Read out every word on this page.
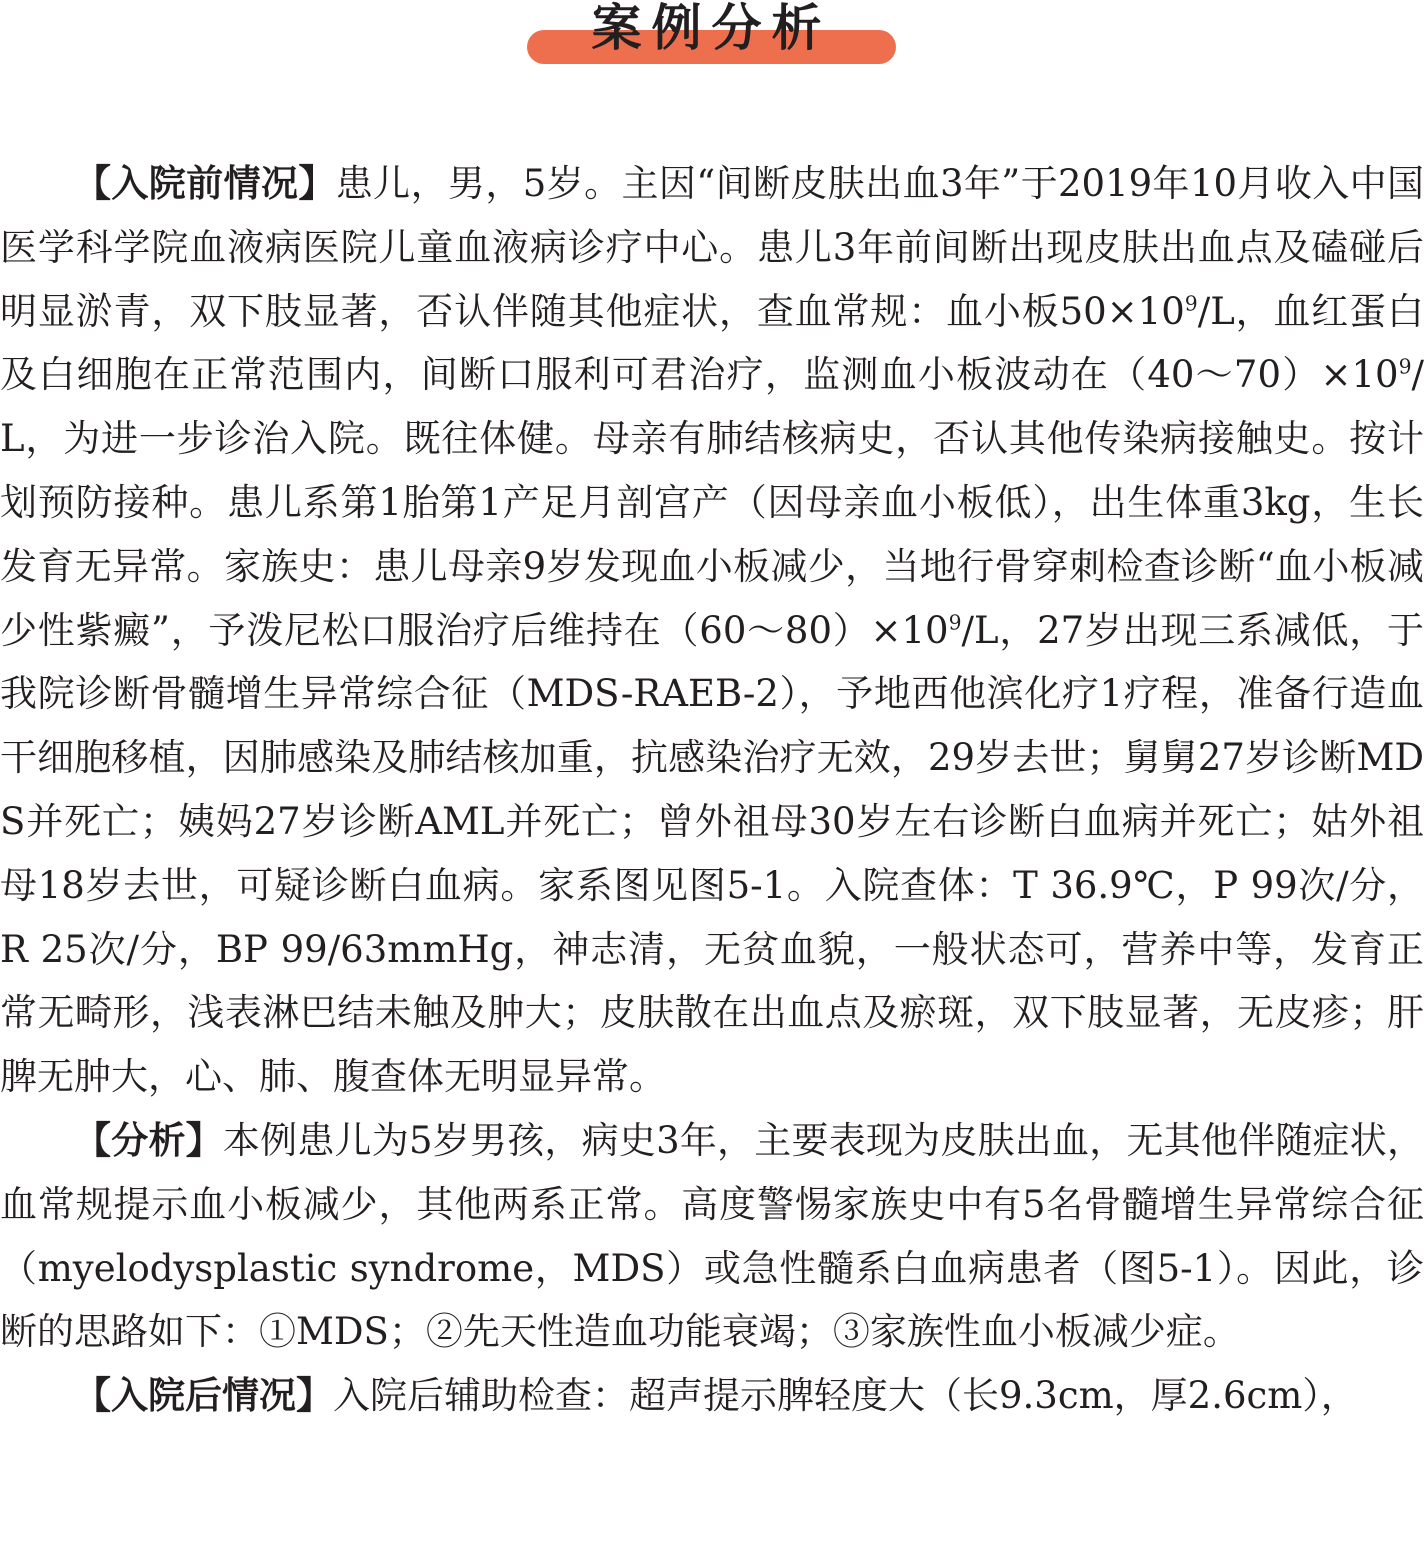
案例分析

【入院前情况】患儿，男，5岁。主因“间断皮肤出血3年”于2019年10月收入中国医学科学院血液病医院儿童血液病诊疗中心。患儿3年前间断出现皮肤出血点及磕碰后明显淤青，双下肢显著，否认伴随其他症状，查血常规：血小板$50\times 10^9/L$，血红蛋白及白细胞在正常范围内，间断口服利可君治疗，监测血小板波动在$(40\sim 70)\times 10^9/L$，为进一步诊治入院。既往体健。母亲有肺结核病史，否认其他传染病接触史。按计划预防接种。患儿系第1胎第1产足月剖宫产（因母亲血小板低），出生体重3kg，生长发育无异常。家族史：患儿母亲9岁发现血小板减少，当地行骨穿刺检查诊断“血小板减少性紫癜”，予泼尼松口服治疗后维持在$(60\sim 80)\times 10^9/L$，27岁出现三系减低，于我院诊断骨髓增生异常综合征（MDS-RAEB-2），予地西他滨化疗1疗程，准备行造血干细胞移植，因肺感染及肺结核加重，抗感染治疗无效，29岁去世；舅舅27岁诊断MDS并死亡；姨妈27岁诊断AML并死亡；曾外祖母30岁左右诊断白血病并死亡；姑外祖母18岁去世，可疑诊断白血病。家系图见图5-1。入院查体：T 36.9℃，P 99次/分，R 25次/分，BP 99/63mmHg，神志清，无贫血貌，一般状态可，营养中等，发育正常无畸形，浅表淋巴结未触及肿大；皮肤散在出血点及瘀斑，双下肢显著，无皮疹；肝脾无肿大，心、肺、腹查体无明显异常。

【分析】本例患儿为5岁男孩，病史3年，主要表现为皮肤出血，无其他伴随症状，血常规提示血小板减少，其他两系正常。高度警惕家族史中有5名骨髓增生异常综合征（myelodysplastic syndrome，MDS）或急性髓系白血病患者（图5-1）。因此，诊断的思路如下：①MDS；②先天性造血功能衰竭；③家族性血小板减少症。

【入院后情况】入院后辅助检查：超声提示脾轻度大（长9.3cm，厚2.6cm），
